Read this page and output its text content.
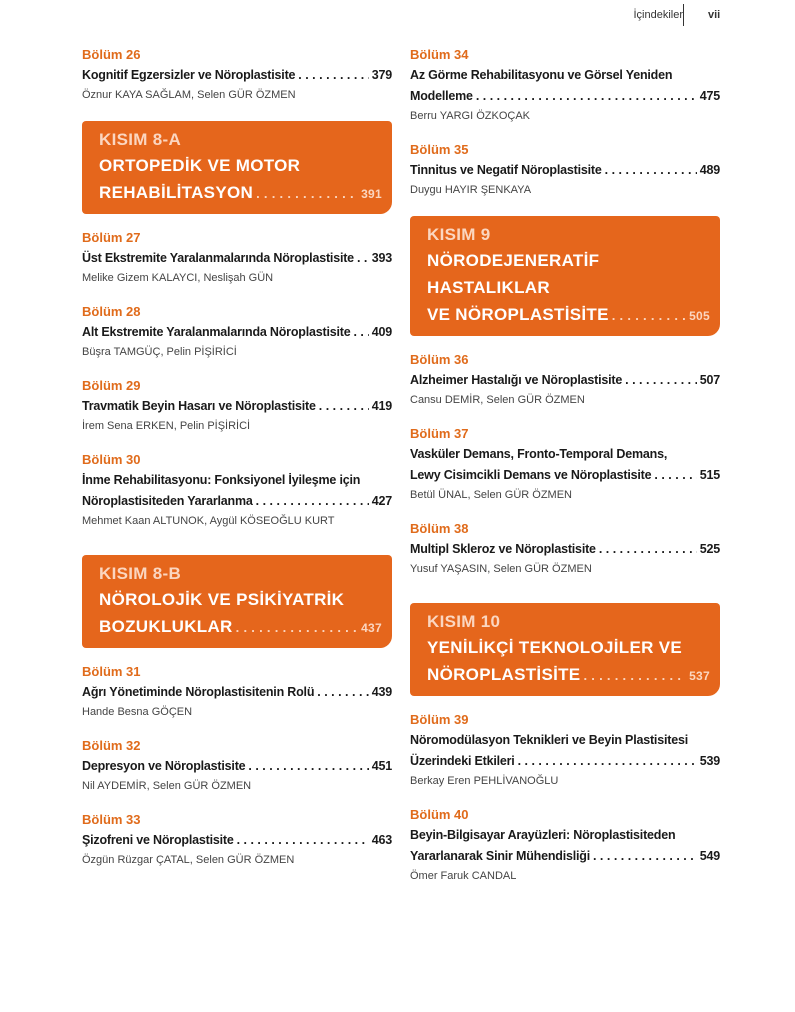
İçindekiler vii
Bölüm 26
Kognitif Egzersizler ve Nöroplastisite . . .	379
Öznur KAYA SAĞLAM, Selen GÜR ÖZMEN
KISIM 8-A
ORTOPEDİK VE MOTOR
REHABİLİTASYON . . .	391
Bölüm 27
Üst Ekstremite Yaralanmalarında Nöroplastisite . . . 393
Melike Gizem KALAYCI, Neslişah GÜN
Bölüm 28
Alt Ekstremite Yaralanmalarında Nöroplastisite . . . 409
Büşra TAMGÜÇ, Pelin PİŞİRİCİ
Bölüm 29
Travmatik Beyin Hasarı ve Nöroplastisite . . .	419
İrem Sena ERKEN, Pelin PİŞİRİCİ
Bölüm 30
İnme Rehabilitasyonu: Fonksiyonel İyileşme için
Nöroplastisiteden Yararlanma . . .	427
Mehmet Kaan ALTUNOK, Aygül KÖSEOĞLU KURT
KISIM 8-B
NÖROLOJİK VE PSİKİYATRİK
BOZUKLUKLAR . . .	437
Bölüm 31
Ağrı Yönetiminde Nöroplastisitenin Rolü . . .	439
Hande Besna GÖÇEN
Bölüm 32
Depresyon ve Nöroplastisite . . .	451
Nil AYDEMİR, Selen GÜR ÖZMEN
Bölüm 33
Şizofreni ve Nöroplastisite . . .	463
Özgün Rüzgar ÇATAL, Selen GÜR ÖZMEN
Bölüm 34
Az Görme Rehabilitasyonu ve Görsel Yeniden
Modelleme . . .	475
Berru YARGI ÖZKOÇAK
Bölüm 35
Tinnitus ve Negatif Nöroplastisite . . .	489
Duygu HAYIR ŞENKAYA
KISIM 9
NÖRODEJENERATİF HASTALIKLAR
VE NÖROPLASTİSİTE . . .	505
Bölüm 36
Alzheimer Hastalığı ve Nöroplastisite . . .	507
Cansu DEMİR, Selen GÜR ÖZMEN
Bölüm 37
Vasküler Demans, Fronto-Temporal Demans,
Lewy Cisimcikli Demans ve Nöroplastisite . . .	515
Betül ÜNAL, Selen GÜR ÖZMEN
Bölüm 38
Multipl Skleroz ve Nöroplastisite . . .	525
Yusuf YAŞASIN, Selen GÜR ÖZMEN
KISIM 10
YENİLİKÇİ TEKNOLOJİLER VE
NÖROPLASTİSİTE . . .	537
Bölüm 39
Nöromodülasyon Teknikleri ve Beyin Plastisitesi
Üzerindeki Etkileri . . .	539
Berkay Eren PEHLİVANOĞLU
Bölüm 40
Beyin-Bilgisayar Arayüzleri: Nöroplastisiteden
Yararlanarak Sinir Mühendisliği . . .	549
Ömer Faruk CANDAL
